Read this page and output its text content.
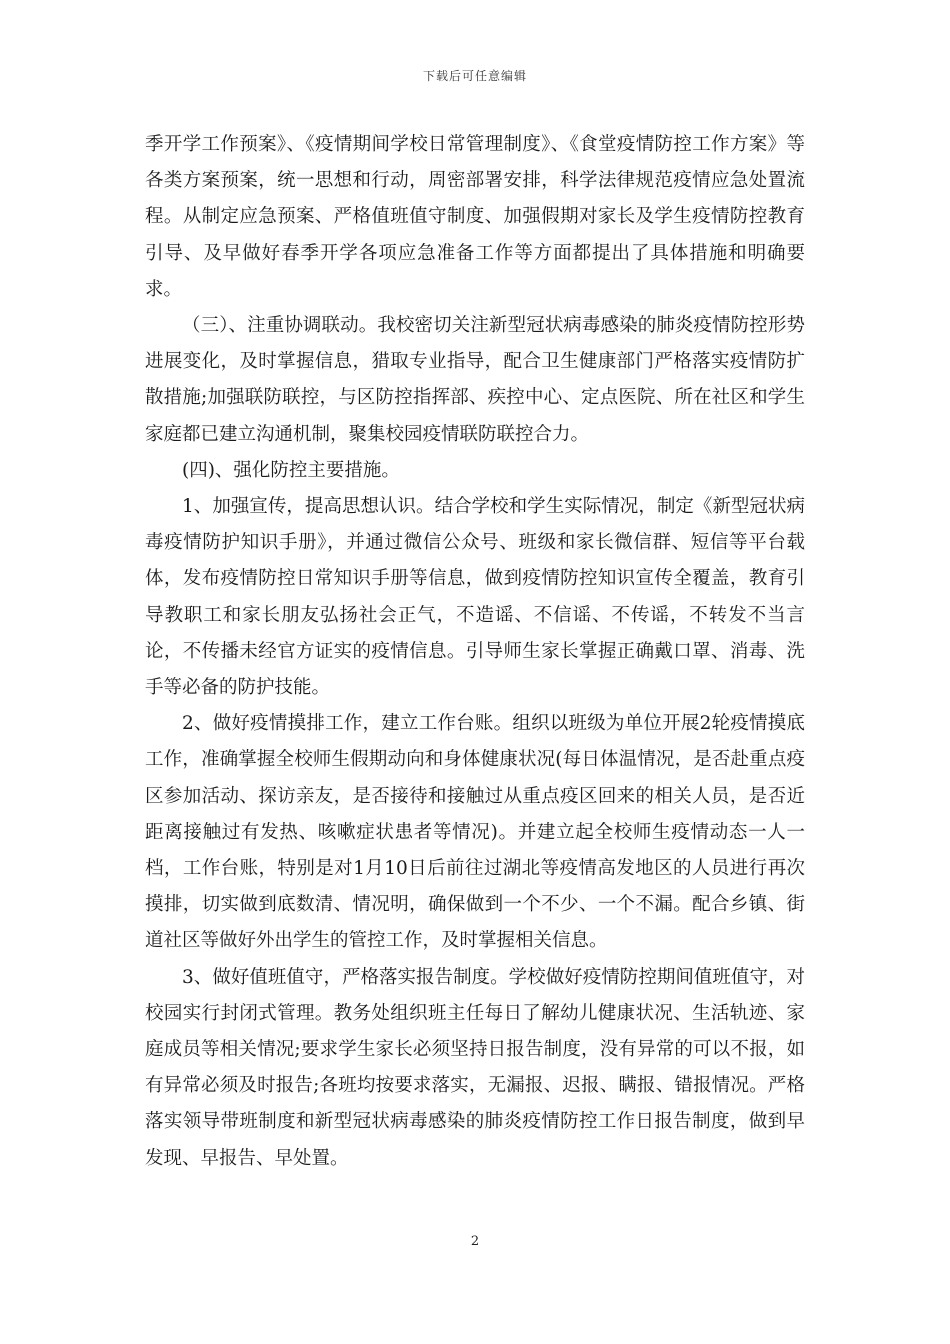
下载后可任意编辑

季开学工作预案》、《疫情期间学校日常管理制度》、《食堂疫情防控工作方案》等各类方案预案，统一思想和行动，周密部署安排，科学法律规范疫情应急处置流程。从制定应急预案、严格值班值守制度、加强假期对家长及学生疫情防控教育引导、及早做好春季开学各项应急准备工作等方面都提出了具体措施和明确要求。

（三）、注重协调联动。我校密切关注新型冠状病毒感染的肺炎疫情防控形势进展变化，及时掌握信息，猎取专业指导，配合卫生健康部门严格落实疫情防扩散措施;加强联防联控，与区防控指挥部、疾控中心、定点医院、所在社区和学生家庭都已建立沟通机制，聚集校园疫情联防联控合力。

(四)、强化防控主要措施。

1、加强宣传，提高思想认识。结合学校和学生实际情况，制定《新型冠状病毒疫情防护知识手册》，并通过微信公众号、班级和家长微信群、短信等平台载体，发布疫情防控日常知识手册等信息，做到疫情防控知识宣传全覆盖，教育引导教职工和家长朋友弘扬社会正气，不造谣、不信谣、不传谣，不转发不当言论，不传播未经官方证实的疫情信息。引导师生家长掌握正确戴口罩、消毒、洗手等必备的防护技能。

2、做好疫情摸排工作，建立工作台账。组织以班级为单位开展2轮疫情摸底工作，准确掌握全校师生假期动向和身体健康状况(每日体温情况，是否赴重点疫区参加活动、探访亲友，是否接待和接触过从重点疫区回来的相关人员，是否近距离接触过有发热、咳嗽症状患者等情况)。并建立起全校师生疫情动态一人一档，工作台账，特别是对1月10日后前往过湖北等疫情高发地区的人员进行再次摸排，切实做到底数清、情况明，确保做到一个不少、一个不漏。配合乡镇、街道社区等做好外出学生的管控工作，及时掌握相关信息。

3、做好值班值守，严格落实报告制度。学校做好疫情防控期间值班值守，对校园实行封闭式管理。教务处组织班主任每日了解幼儿健康状况、生活轨迹、家庭成员等相关情况;要求学生家长必须坚持日报告制度，没有异常的可以不报，如有异常必须及时报告;各班均按要求落实，无漏报、迟报、瞒报、错报情况。严格落实领导带班制度和新型冠状病毒感染的肺炎疫情防控工作日报告制度，做到早发现、早报告、早处置。

2
